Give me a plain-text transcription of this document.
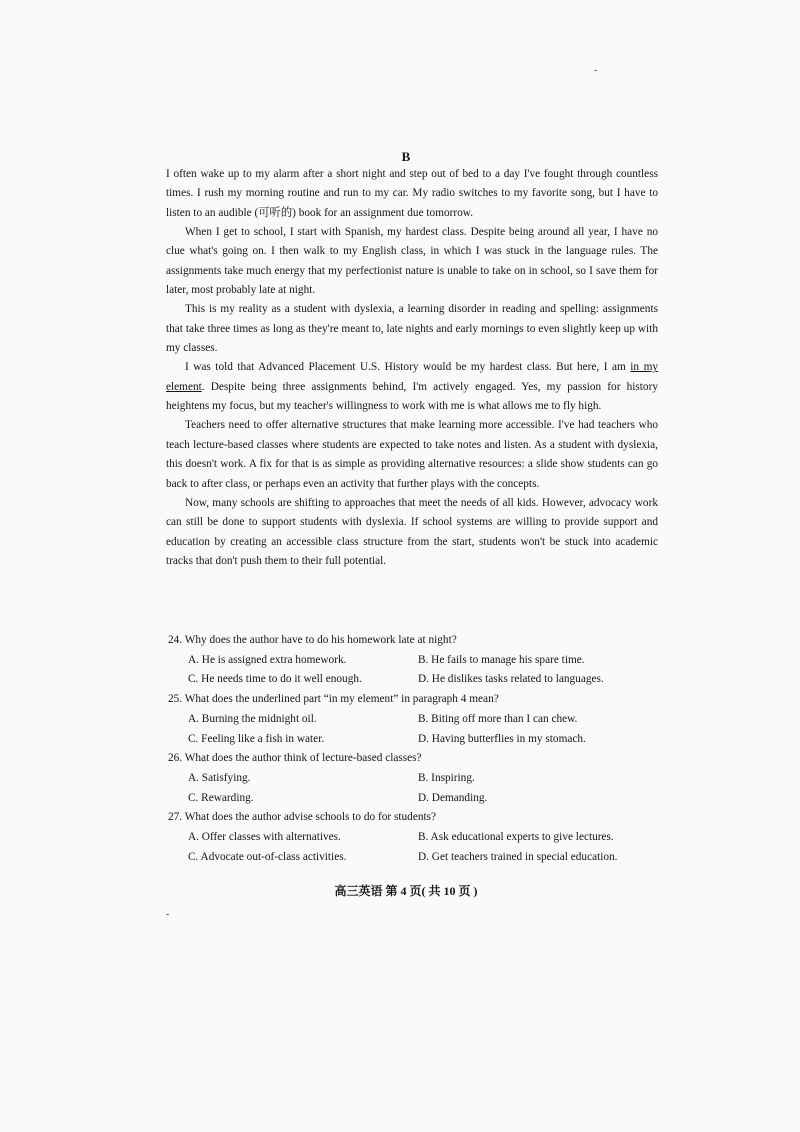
B

I often wake up to my alarm after a short night and step out of bed to a day I've fought through countless times. I rush my morning routine and run to my car. My radio switches to my favorite song, but I have to listen to an audible (可听的) book for an assignment due tomorrow.

When I get to school, I start with Spanish, my hardest class. Despite being around all year, I have no clue what's going on. I then walk to my English class, in which I was stuck in the language rules. The assignments take much energy that my perfectionist nature is unable to take on in school, so I save them for later, most probably late at night.

This is my reality as a student with dyslexia, a learning disorder in reading and spelling: assignments that take three times as long as they're meant to, late nights and early mornings to even slightly keep up with my classes.

I was told that Advanced Placement U.S. History would be my hardest class. But here, I am in my element. Despite being three assignments behind, I'm actively engaged. Yes, my passion for history heightens my focus, but my teacher's willingness to work with me is what allows me to fly high.

Teachers need to offer alternative structures that make learning more accessible. I've had teachers who teach lecture-based classes where students are expected to take notes and listen. As a student with dyslexia, this doesn't work. A fix for that is as simple as providing alternative resources: a slide show students can go back to after class, or perhaps even an activity that further plays with the concepts.

Now, many schools are shifting to approaches that meet the needs of all kids. However, advocacy work can still be done to support students with dyslexia. If school systems are willing to provide support and education by creating an accessible class structure from the start, students won't be stuck into academic tracks that don't push them to their full potential.

24. Why does the author have to do his homework late at night?

A. He is assigned extra homework.	B. He fails to manage his spare time.

C. He needs time to do it well enough.	D. He dislikes tasks related to languages.

25. What does the underlined part “in my element” in paragraph 4 mean?

A. Burning the midnight oil.	B. Biting off more than I can chew.

C. Feeling like a fish in water.	D. Having butterflies in my stomach.

26. What does the author think of lecture-based classes?

A. Satisfying.	B. Inspiring.

C. Rewarding.	D. Demanding.

27. What does the author advise schools to do for students?

A. Offer classes with alternatives.	B. Ask educational experts to give lectures.

C. Advocate out-of-class activities.	D. Get teachers trained in special education.

高三英语 第 4 页( 共 10 页 )
